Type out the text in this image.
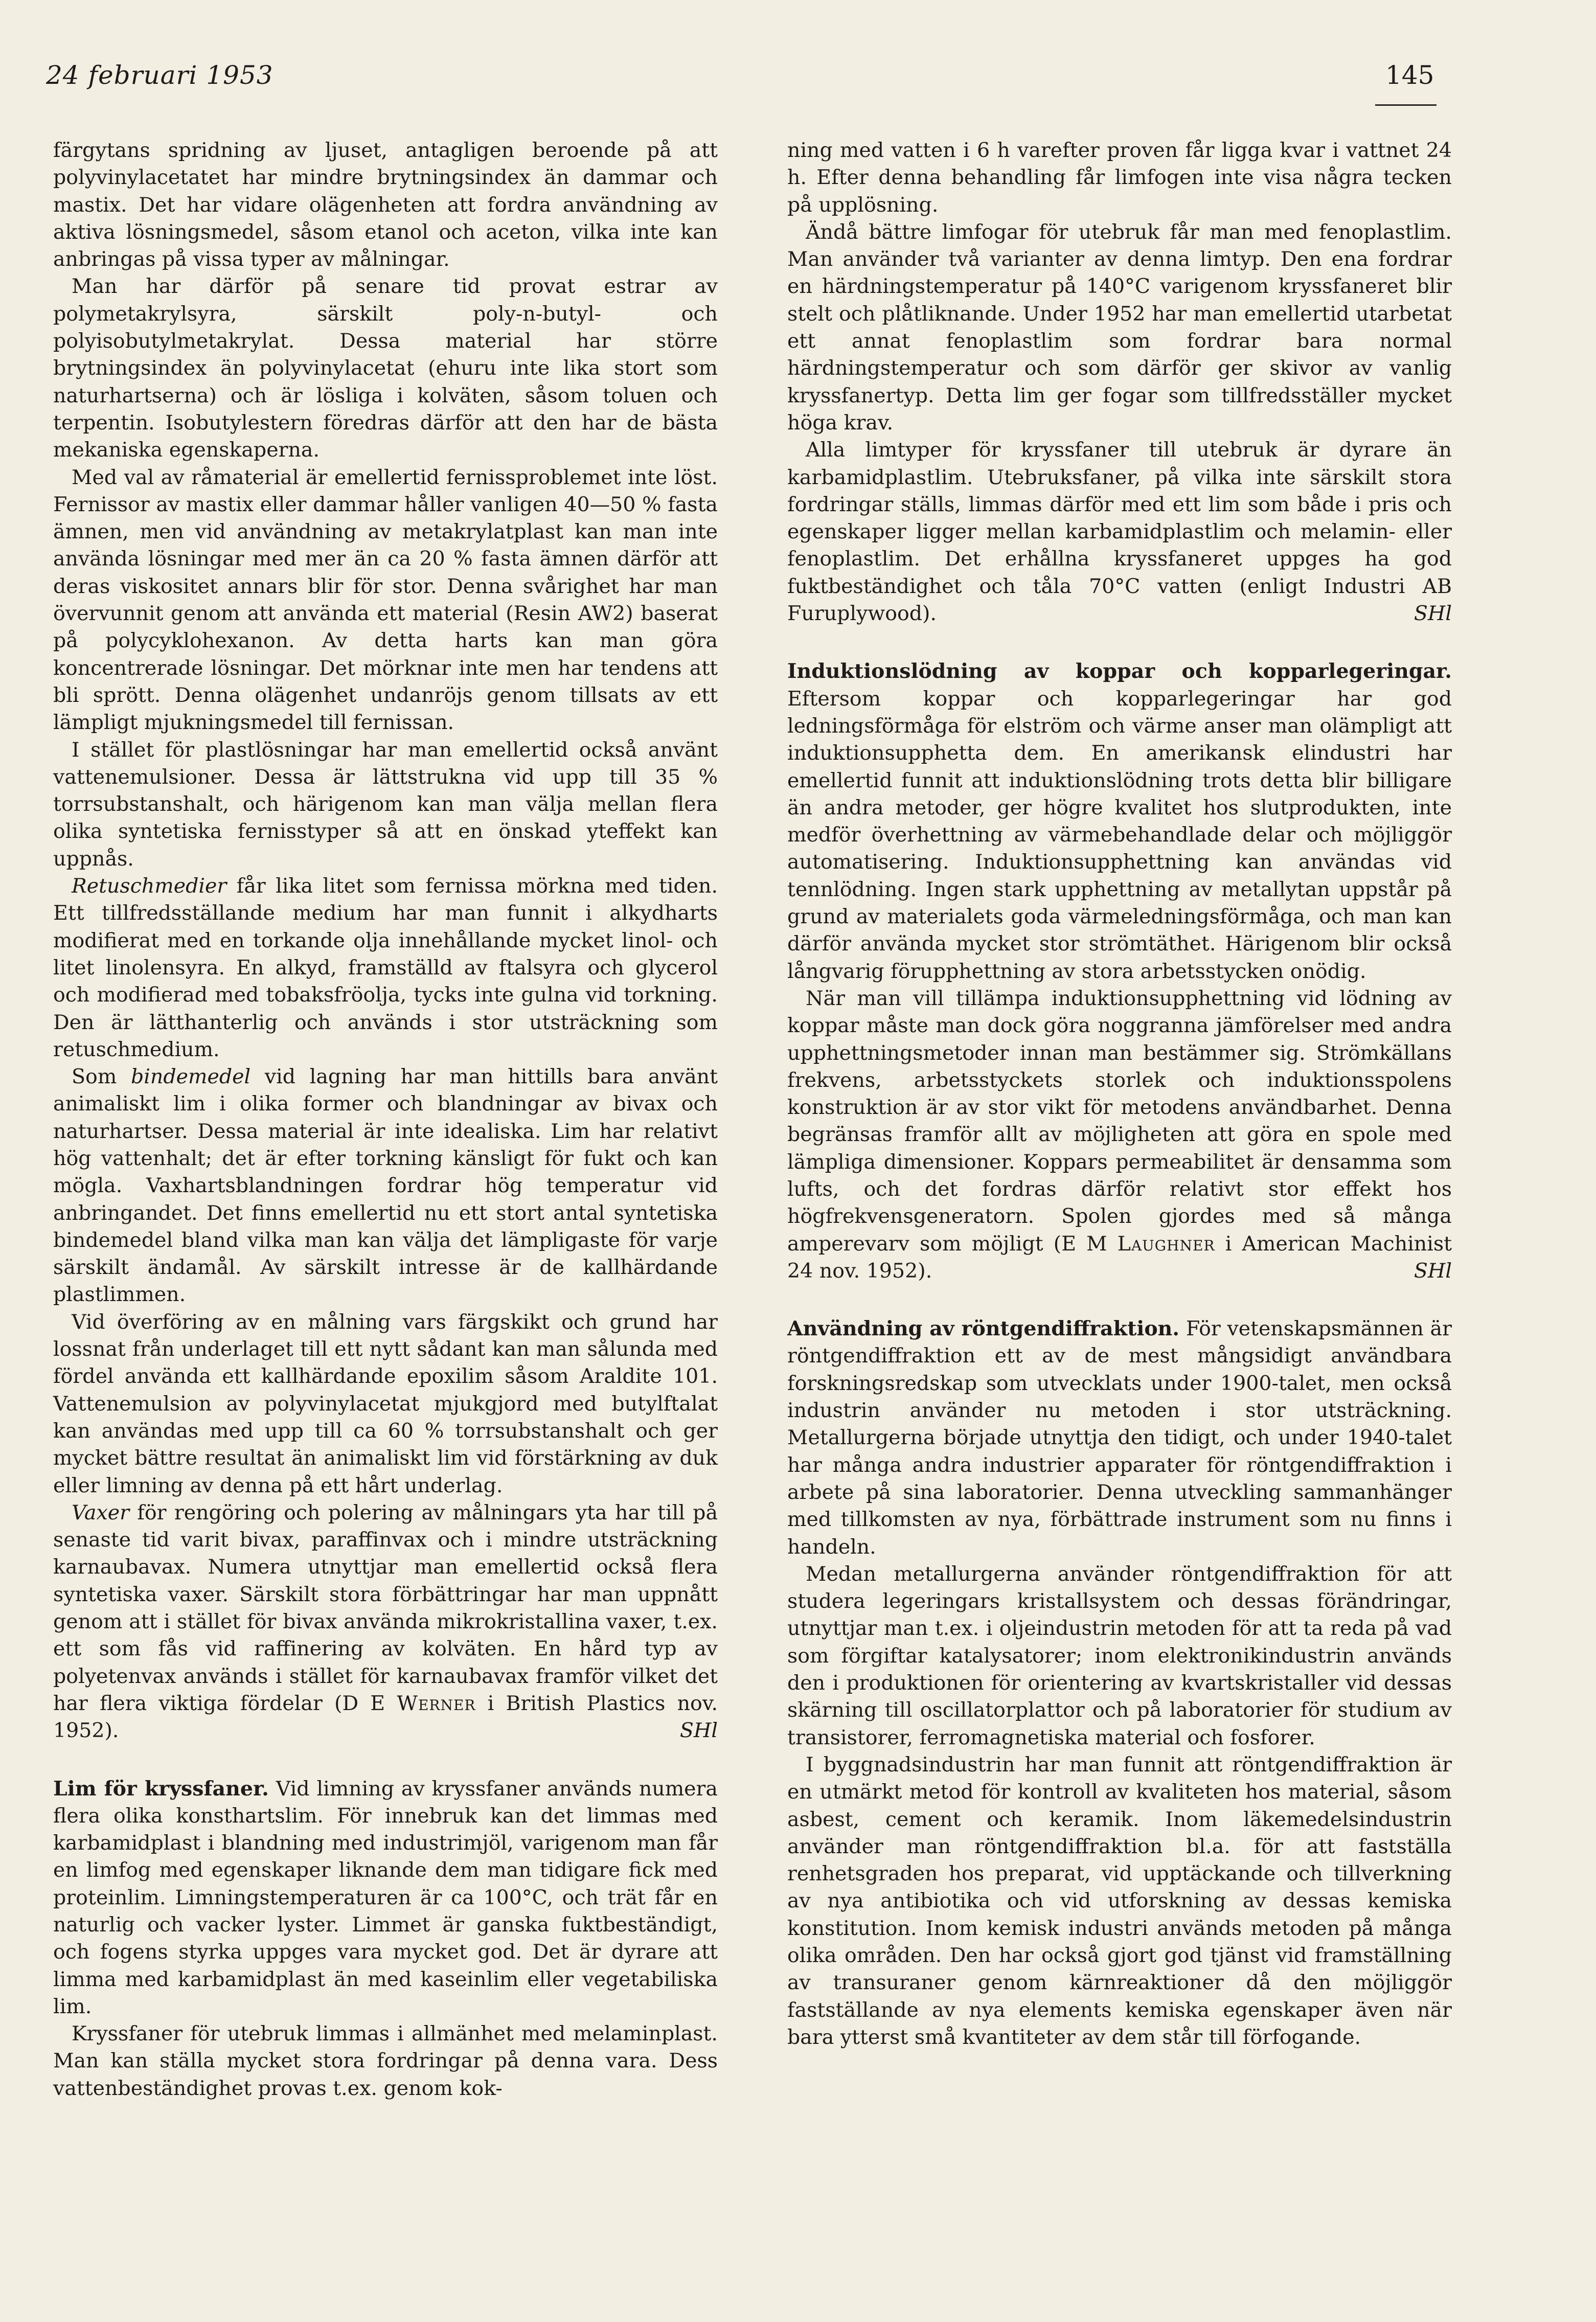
24 februari 1953	145

färgytans spridning av ljuset, antagligen beroende på att polyvinylacetatet har mindre brytningsindex än dammar och mastix. Det har vidare olägenheten att fordra användning av aktiva lösningsmedel, såsom etanol och aceton, vilka inte kan anbringas på vissa typer av målningar.

Man har därför på senare tid provat estrar av polymetakrylsyra, särskilt poly-n-butyl- och polyisobutylmetakrylat. Dessa material har större brytningsindex än polyvinylacetat (ehuru inte lika stort som naturhartserna) och är lösliga i kolväten, såsom toluen och terpentin. Isobutylestern föredras därför att den har de bästa mekaniska egenskaperna.

Med val av råmaterial är emellertid fernissproblemet inte löst. Fernissor av mastix eller dammar håller vanligen 40—50 % fasta ämnen, men vid användning av metakrylatplast kan man inte använda lösningar med mer än ca 20 % fasta ämnen därför att deras viskositet annars blir för stor. Denna svårighet har man övervunnit genom att använda ett material (Resin AW2) baserat på polycyklohexanon. Av detta harts kan man göra koncentrerade lösningar. Det mörknar inte men har tendens att bli sprött. Denna olägenhet undanröjs genom tillsats av ett lämpligt mjukningsmedel till fernissan.

I stället för plastlösningar har man emellertid också använt vattenemulsioner. Dessa är lättstrukna vid upp till 35 % torrsubstanshalt, och härigenom kan man välja mellan flera olika syntetiska fernisstyper så att en önskad yteffekt kan uppnås.

Retuschmedier får lika litet som fernissa mörkna med tiden. Ett tillfredsställande medium har man funnit i alkydharts modifierat med en torkande olja innehållande mycket linol- och litet linolensyra. En alkyd, framställd av ftalsyra och glycerol och modifierad med tobaksfröolja, tycks inte gulna vid torkning. Den är lätthanterlig och används i stor utsträckning som retuschmedium.

Som bindemedel vid lagning har man hittills bara använt animaliskt lim i olika former och blandningar av bivax och naturhartser. Dessa material är inte idealiska. Lim har relativt hög vattenhalt; det är efter torkning känsligt för fukt och kan mögla. Vaxhartsblandningen fordrar hög temperatur vid anbringandet. Det finns emellertid nu ett stort antal syntetiska bindemedel bland vilka man kan välja det lämpligaste för varje särskilt ändamål. Av särskilt intresse är de kallhärdande plastlimmen.

Vid överföring av en målning vars färgskikt och grund har lossnat från underlaget till ett nytt sådant kan man sålunda med fördel använda ett kallhärdande epoxilim såsom Araldite 101. Vattenemulsion av polyvinylacetat mjukgjord med butylftalat kan användas med upp till ca 60 % torrsubstanshalt och ger mycket bättre resultat än animaliskt lim vid förstärkning av duk eller limning av denna på ett hårt underlag.

Vaxer för rengöring och polering av målningars yta har till på senaste tid varit bivax, paraffinvax och i mindre utsträckning karnaubavax. Numera utnyttjar man emellertid också flera syntetiska vaxer. Särskilt stora förbättringar har man uppnått genom att i stället för bivax använda mikrokristallina vaxer, t.ex. ett som fås vid raffinering av kolväten. En hård typ av polyetenvax används i stället för karnaubavax framför vilket det har flera viktiga fördelar (D E Werner i British Plastics nov. 1952).	SHl

Lim för kryssfaner. Vid limning av kryssfaner används numera flera olika konsthartslim. För innebruk kan det limmas med karbamidplast i blandning med industrimjöl, varigenom man får en limfog med egenskaper liknande dem man tidigare fick med proteinlim. Limningstemperaturen är ca 100°C, och trät får en naturlig och vacker lyster. Limmet är ganska fuktbeständigt, och fogens styrka uppges vara mycket god. Det är dyrare att limma med karbamidplast än med kaseinlim eller vegetabiliska lim.

Kryssfaner för utebruk limmas i allmänhet med melaminplast. Man kan ställa mycket stora fordringar på denna vara. Dess vattenbeständighet provas t.ex. genom kok-

ning med vatten i 6 h varefter proven får ligga kvar i vattnet 24 h. Efter denna behandling får limfogen inte visa några tecken på upplösning.

Ändå bättre limfogar för utebruk får man med fenoplastlim. Man använder två varianter av denna limtyp. Den ena fordrar en härdningstemperatur på 140°C varigenom kryssfaneret blir stelt och plåtliknande. Under 1952 har man emellertid utarbetat ett annat fenoplastlim som fordrar bara normal härdningstemperatur och som därför ger skivor av vanlig kryssfanertyp. Detta lim ger fogar som tillfredsställer mycket höga krav.

Alla limtyper för kryssfaner till utebruk är dyrare än karbamidplastlim. Utebruksfaner, på vilka inte särskilt stora fordringar ställs, limmas därför med ett lim som både i pris och egenskaper ligger mellan karbamidplastlim och melamin- eller fenoplastlim. Det erhållna kryssfaneret uppges ha god fuktbeständighet och tåla 70°C vatten (enligt Industri AB Furuplywood).	SHl

Induktionslödning av koppar och kopparlegeringar. Eftersom koppar och kopparlegeringar har god ledningsförmåga för elström och värme anser man olämpligt att induktionsupphetta dem. En amerikansk elindustri har emellertid funnit att induktionslödning trots detta blir billigare än andra metoder, ger högre kvalitet hos slutprodukten, inte medför överhettning av värmebehandlade delar och möjliggör automatisering. Induktionsupphettning kan användas vid tennlödning. Ingen stark upphettning av metallytan uppstår på grund av materialets goda värmeledningsförmåga, och man kan därför använda mycket stor strömtäthet. Härigenom blir också långvarig förupphettning av stora arbetsstycken onödig.

När man vill tillämpa induktionsupphettning vid lödning av koppar måste man dock göra noggranna jämförelser med andra upphettningsmetoder innan man bestämmer sig. Strömkällans frekvens, arbetsstyckets storlek och induktionsspolens konstruktion är av stor vikt för metodens användbarhet. Denna begränsas framför allt av möjligheten att göra en spole med lämpliga dimensioner. Koppars permeabilitet är densamma som lufts, och det fordras därför relativt stor effekt hos högfrekvensgeneratorn. Spolen gjordes med så många amperevarv som möjligt (E M Laughner i American Machinist 24 nov. 1952).	SHl

Användning av röntgendiffraktion. För vetenskapsmännen är röntgendiffraktion ett av de mest mångsidigt användbara forskningsredskap som utvecklats under 1900-talet, men också industrin använder nu metoden i stor utsträckning. Metallurgerna började utnyttja den tidigt, och under 1940-talet har många andra industrier apparater för röntgendiffraktion i arbete på sina laboratorier. Denna utveckling sammanhänger med tillkomsten av nya, förbättrade instrument som nu finns i handeln.

Medan metallurgerna använder röntgendiffraktion för att studera legeringars kristallsystem och dessas förändringar, utnyttjar man t.ex. i oljeindustrin metoden för att ta reda på vad som förgiftar katalysatorer; inom elektronikindustrin används den i produktionen för orientering av kvartskristaller vid dessas skärning till oscillatorplattor och på laboratorier för studium av transistorer, ferromagnetiska material och fosforer.

I byggnadsindustrin har man funnit att röntgendiffraktion är en utmärkt metod för kontroll av kvaliteten hos material, såsom asbest, cement och keramik. Inom läkemedelsindustrin använder man röntgendiffraktion bl.a. för att fastställa renhetsgraden hos preparat, vid upptäckande och tillverkning av nya antibiotika och vid utforskning av dessas kemiska konstitution. Inom kemisk industri används metoden på många olika områden. Den har också gjort god tjänst vid framställning av transuraner genom kärnreaktioner då den möjliggör fastställande av nya elements kemiska egenskaper även när bara ytterst små kvantiteter av dem står till förfogande.
